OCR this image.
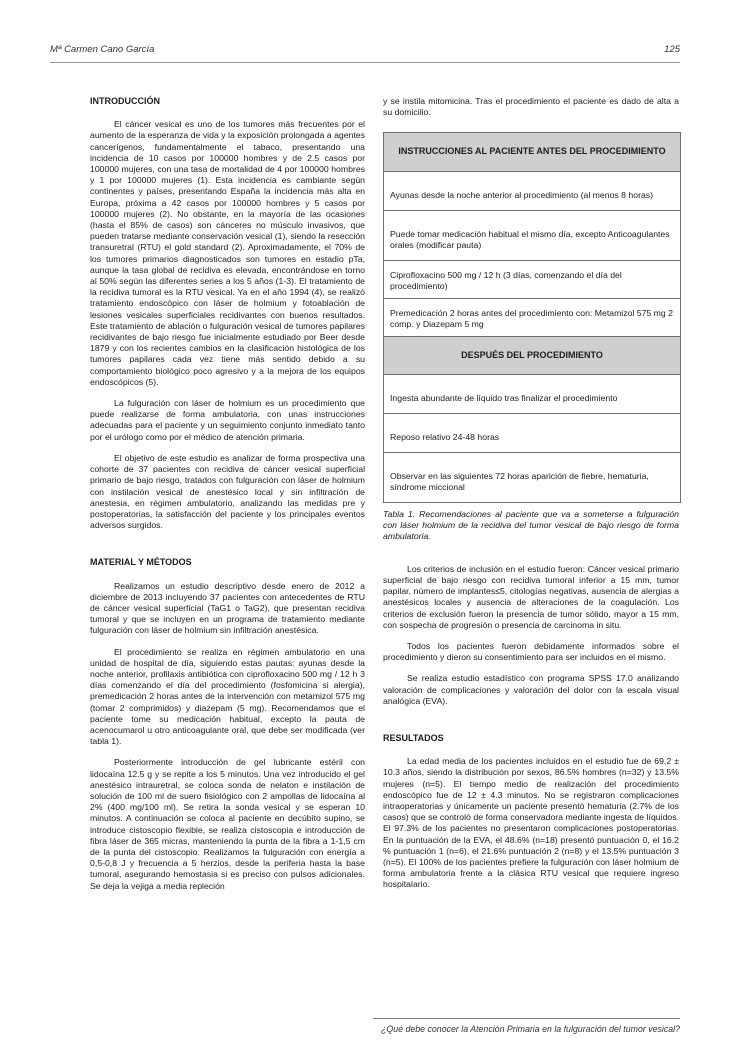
Mª Carmen Cano García	125
INTRODUCCIÓN

El cáncer vesical es uno de los tumores más frecuentes por el aumento de la esperanza de vida y la exposición prolongada a agentes cancerígenos, fundamentalmente el tabaco, presentando una incidencia de 10 casos por 100000 hombres y de 2.5 casos por 100000 mujeres, con una tasa de mortalidad de 4 por 100000 hombres y 1 por 100000 mujeres (1). Esta incidencia es cambiante según continentes y países, presentando España la incidencia más alta en Europa, próxima a 42 casos por 100000 hombres y 5 casos por 100000 mujeres (2). No obstante, en la mayoría de las ocasiones (hasta el 85% de casos) son cánceres no músculo invasivos, que pueden tratarse mediante conservación vesical (1), siendo la resección transuretral (RTU) el gold standard (2). Aproximadamente, el 70% de los tumores primarios diagnosticados son tumores en estadio pTa, aunque la tasa global de recidiva es elevada, encontrándose en torno al 50% según las diferentes series a los 5 años (1-3). El tratamiento de la recidiva tumoral es la RTU vesical. Ya en el año 1994 (4), se realizó tratamiento endoscópico con láser de holmium y fotoablación de lesiones vesicales superficiales recidivantes con buenos resultados. Este tratamiento de ablación o fulguración vesical de tumores papilares recidivantes de bajo riesgo fue inicialmente estudiado por Beer desde 1879 y con los recientes cambios en la clasificación histológica de los tumores papilares cada vez tiene más sentido debido a su comportamiento biológico poco agresivo y a la mejora de los equipos endoscópicos (5).

La fulguración con láser de holmium es un procedimiento que puede realizarse de forma ambulatoria, con unas instrucciones adecuadas para el paciente y un seguimiento conjunto inmediato tanto por el urólogo como por el médico de atención primaria.

El objetivo de este estudio es analizar de forma prospectiva una cohorte de 37 pacientes con recidiva de cáncer vesical superficial primario de bajo riesgo, tratados con fulguración con láser de holmium con instilación vesical de anestésico local y sin infiltración de anestesia, en régimen ambulatorio, analizando las medidas pre y postoperatorias, la satisfacción del paciente y los principales eventos adversos surgidos.

MATERIAL Y MÉTODOS

Realizamos un estudio descriptivo desde enero de 2012 a diciembre de 2013 incluyendo 37 pacientes con antecedentes de RTU de cáncer vesical superficial (TaG1 o TaG2), que presentan recidiva tumoral y que se incluyen en un programa de tratamiento mediante fulguración con láser de holmium sin infiltración anestésica.

El procedimiento se realiza en régimen ambulatorio en una unidad de hospital de día, siguiendo estas pautas: ayunas desde la noche anterior, profilaxis antibiótica con ciprofloxacino 500 mg / 12 h 3 días comenzando el día del procedimiento (fosfomicina si alergia), premedicación 2 horas antes de la intervención con metamizol 575 mg (tomar 2 comprimidos) y diazepam (5 mg). Recomendamos que el paciente tome su medicación habitual, excepto la pauta de acenocumarol u otro anticoagulante oral, que debe ser modificada (ver tabla 1).

Posteriormente introducción de gel lubricante estéril con lidocaína 12.5 g y se repite a los 5 minutos. Una vez introducido el gel anestésico intrauretral, se coloca sonda de nelaton e instilación de solución de 100 ml de suero fisiológico con 2 ampollas de lidocaína al 2% (400 mg/100 ml). Se retira la sonda vesical y se esperan 10 minutos. A continuación se coloca al paciente en decúbito supino, se introduce cistoscopio flexible, se realiza cistoscopia e introducción de fibra láser de 365 micras, manteniendo la punta de la fibra a 1-1,5 cm de la punta del cistoscopio. Realizamos la fulguración con energía a 0,5-0,8 J y frecuencia a 5 herzios, desde la periferia hasta la base tumoral, asegurando hemostasia si es preciso con pulsos adicionales. Se deja la vejiga a media repleción

y se instila mitomicina. Tras el procedimiento el paciente es dado de alta a su domicilio.

INSTRUCCIONES AL PACIENTE ANTES DEL PROCEDIMIENTO
Ayunas desde la noche anterior al procedimiento (al menos 8 horas)
Puede tomar medicación habitual el mismo día, excepto Anticoagulantes orales (modificar pauta)
Ciprofloxacino 500 mg / 12 h (3 días, comenzando el día del procedimiento)
Premedicación 2 horas antes del procedimiento con: Metamizol 575 mg 2 comp. y Diazepam 5 mg
DESPUÉS DEL PROCEDIMIENTO
Ingesta abundante de líquido tras finalizar el procedimiento
Reposo relativo 24-48 horas
Observar en las siguientes 72 horas aparición de fiebre, hematuria, síndrome miccional

Tabla 1. Recomendaciones al paciente que va a someterse a fulguración con láser holmium de la recidiva del tumor vesical de bajo riesgo de forma ambulatoria.

Los criterios de inclusión en el estudio fueron: Cáncer vesical primario superficial de bajo riesgo con recidiva tumoral inferior a 15 mm, tumor papilar, número de implantes≤5, citologías negativas, ausencia de alergias a anestésicos locales y ausencia de alteraciones de la coagulación. Los criterios de exclusión fueron la presencia de tumor sólido, mayor a 15 mm, con sospecha de progresión o presencia de carcinoma in situ.

Todos los pacientes fueron debidamente informados sobre el procedimiento y dieron su consentimiento para ser incluidos en el mismo.

Se realiza estudio estadístico con programa SPSS 17.0 analizando valoración de complicaciones y valoración del dolor con la escala visual analógica (EVA).

RESULTADOS

La edad media de los pacientes incluidos en el estudio fue de 69.2 ± 10.3 años, siendo la distribución por sexos, 86.5% hombres (n=32) y 13.5% mujeres (n=5). El tiempo medio de realización del procedimiento endoscópico fue de 12 ± 4.3 minutos. No se registraron complicaciones intraoperatorias y únicamente un paciente presentó hematuria (2.7% de los casos) que se controló de forma conservadora mediante ingesta de líquidos. El 97.3% de los pacientes no presentaron complicaciones postoperatorias. En la puntuación de la EVA, el 48.6% (n=18) presentó puntuación 0, el 16.2 % puntuación 1 (n=6), el 21.6% puntuación 2 (n=8) y el 13.5% puntuación 3 (n=5). El 100% de los pacientes prefiere la fulguración con láser holmium de forma ambulatoria frente a la clásica RTU vesical que requiere ingreso hospitalario.

¿Qué debe conocer la Atención Primaria en la fulguración del tumor vesical?
